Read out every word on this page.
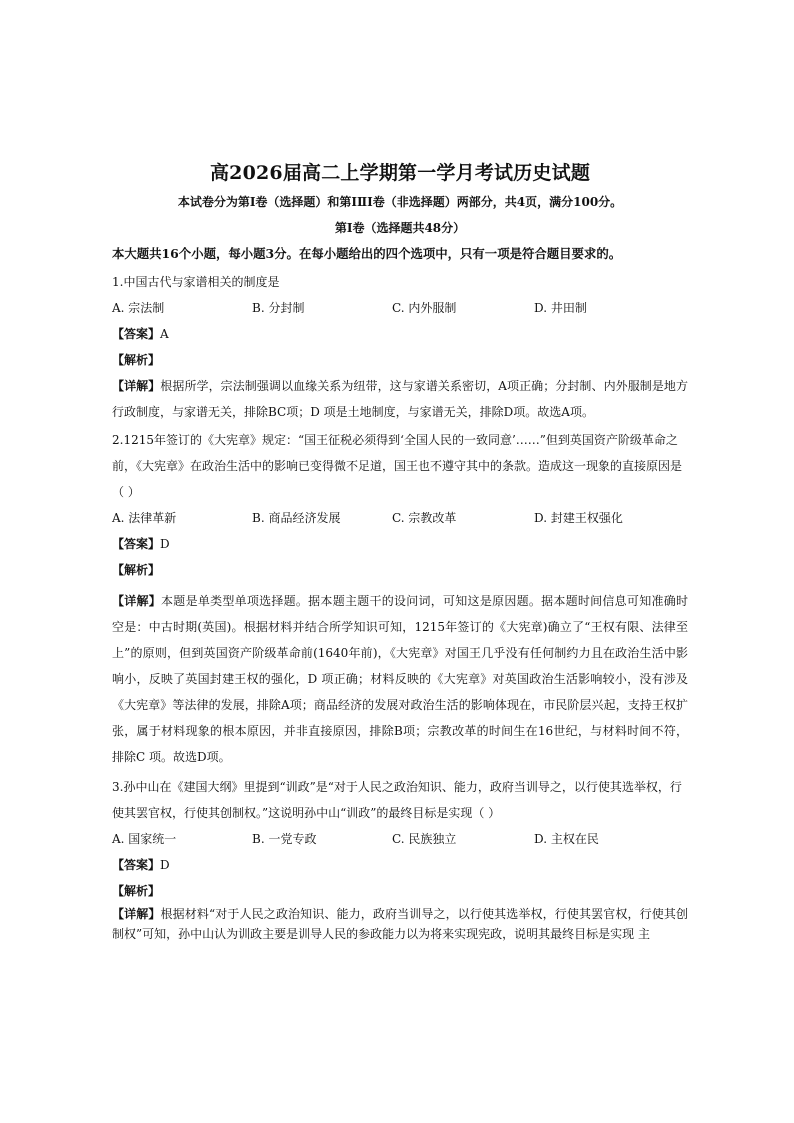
高2026届高二上学期第一学月考试历史试题
本试卷分为第Ⅰ卷（选择题）和第ⅠⅡⅠ卷（非选择题）两部分，共4页，满分100分。
第Ⅰ卷（选择题共48分）
本大题共16个小题，每小题3分。在每小题给出的四个选项中，只有一项是符合题目要求的。

1.中国古代与家谱相关的制度是

A. 宗法制	B. 分封制	C. 内外服制	D. 井田制

【答案】A

【解析】

【详解】根据所学，宗法制强调以血缘关系为纽带，这与家谱关系密切，A项正确；分封制、内外服制是地方行政制度，与家谱无关，排除BC项；D 项是土地制度，与家谱无关，排除D项。故选A项。

2.1215年签订的《大宪章》规定：“国王征税必须得到‘全国人民的一致同意’……”但到英国资产阶级革命之前，《大宪章》在政治生活中的影响已变得微不足道，国王也不遵守其中的条款。造成这一现象的直接原因是（ ）

A. 法律革新	B. 商品经济发展	C. 宗教改革	D. 封建王权强化

【答案】D

【解析】

【详解】本题是单类型单项选择题。据本题主题干的设问词，可知这是原因题。据本题时间信息可知准确时空是：中古时期(英国)。根据材料并结合所学知识可知，1215年签订的《大宪章)确立了“王权有限、法律至上”的原则，但到英国资产阶级革命前(1640年前)，《大宪章》对国王几乎没有任何制约力且在政治生活中影响小，反映了英国封建王权的强化，D 项正确；材料反映的《大宪章》对英国政治生活影响较小，没有涉及《大宪章》等法律的发展，排除A项；商品经济的发展对政治生活的影响体现在，市民阶层兴起，支持王权扩张，属于材料现象的根本原因，并非直接原因，排除B项；宗教改革的时间生在16世纪，与材料时间不符，排除C 项。故选D项。

3.孙中山在《建国大纲》里提到“训政”是“对于人民之政治知识、能力，政府当训导之，以行使其选举权，行使其罢官权，行使其创制权。”这说明孙中山“训政”的最终目标是实现（ ）

A. 国家统一	B. 一党专政	C. 民族独立	D. 主权在民

【答案】D

【解析】

【详解】根据材料“对于人民之政治知识、能力，政府当训导之，以行使其选举权，行使其罢官权，行使其创制权”可知，孙中山认为训政主要是训导人民的参政能力以为将来实现宪政，说明其最终目标是实现 主
